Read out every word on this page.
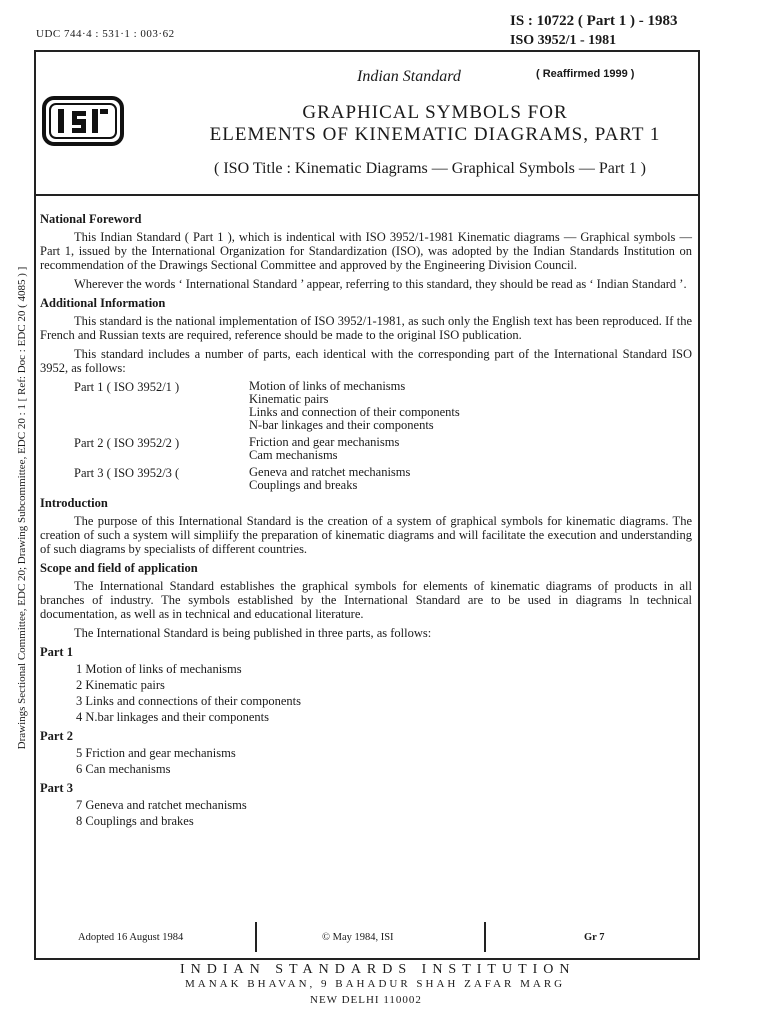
UDC 744·4 : 531·1 : 003·62
IS : 10722 ( Part 1 ) - 1983
ISO 3952/1 - 1981
Indian Standard	( Reaffirmed 1999 )
GRAPHICAL SYMBOLS FOR
ELEMENTS OF KINEMATIC DIAGRAMS, PART 1
( ISO Title : Kinematic Diagrams — Graphical Symbols — Part 1 )
Drawings Sectional Committee, EDC 20; Drawing Subcommittee, EDC 20 : 1 [ Ref: Doc : EDC 20 ( 4085 ) ]
National Foreword

This Indian Standard ( Part 1 ), which is indentical with ISO 3952/1-1981 Kinematic diagrams — Graphical symbols — Part 1, issued by the International Organization for Standardization (ISO), was adopted by the Indian Standards Institution on recommendation of the Drawings Sectional Committee and approved by the Engineering Division Council.

Wherever the words ‘ International Standard ’ appear, referring to this standard, they should be read as ‘ Indian Standard ’.

Additional Information

This standard is the national implementation of ISO 3952/1-1981, as such only the English text has been reproduced. If the French and Russian texts are required, reference should be made to the original ISO publication.

This standard includes a number of parts, each identical with the corresponding part of the International Standard ISO 3952, as follows:

Part 1 ( ISO 3952/1 )	Motion of links of mechanisms
Kinematic pairs
Links and connection of their components
N-bar linkages and their components
Part 2 ( ISO 3952/2 )	Friction and gear mechanisms
Cam mechanisms
Part 3 ( ISO 3952/3 (	Geneva and ratchet mechanisms
Couplings and breaks
Introduction

The purpose of this International Standard is the creation of a system of graphical symbols for kinematic diagrams. The creation of such a system will simpliify the preparation of kinematic diagrams and will facilitate the execution and understanding of such diagrams by specialists of different countries.

Scope and field of application

The International Standard establishes the graphical symbols for elements of kinematic diagrams of products in all branches of industry. The symbols established by the International Standard are to be used in diagrams ln technical documentation, as well as in technical and educational literature.

The International Standard is being published in three parts, as follows:

Part 1
1 Motion of links of mechanisms
2 Kinematic pairs
3 Links and connections of their components
4 N.bar linkages and their components
Part 2
5 Friction and gear mechanisms
6 Can mechanisms
Part 3
7 Geneva and ratchet mechanisms
8 Couplings and brakes
Adopted 16 August 1984	© May 1984, ISI	Gr 7
INDIAN STANDARDS INSTITUTION
MANAK BHAVAN, 9 BAHADUR SHAH ZAFAR MARG
NEW DELHI 110002
